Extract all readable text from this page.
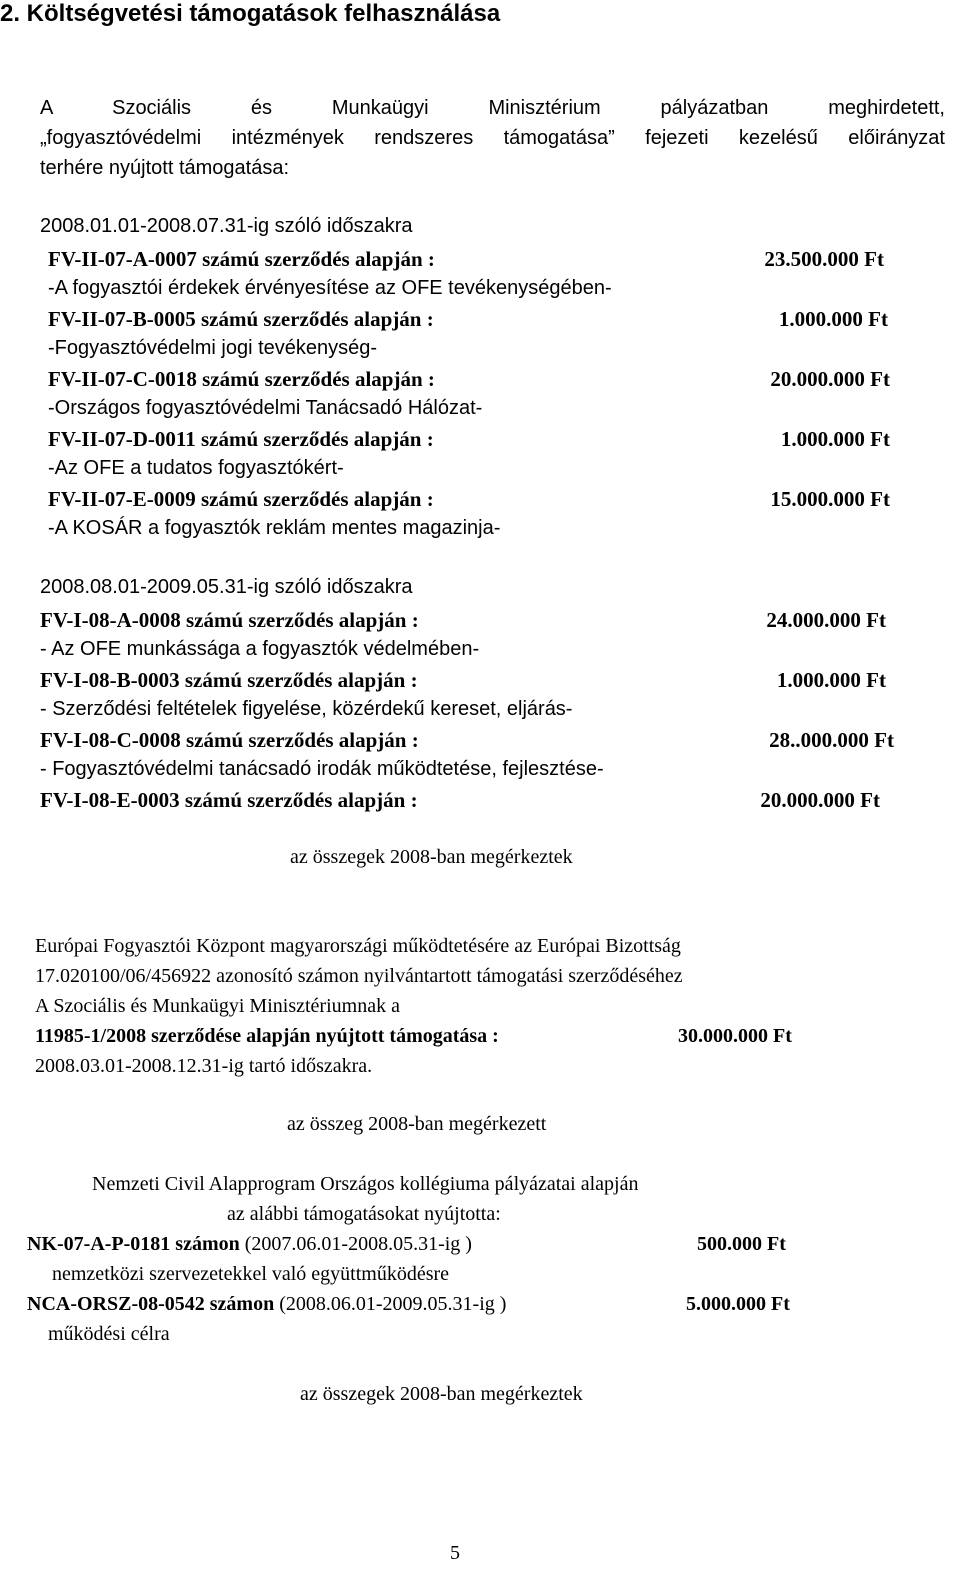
2. Költségvetési támogatások felhasználása
A Szociális és Munkaügyi Minisztérium pályázatban meghirdetett,
„fogyasztóvédelmi intézmények rendszeres támogatása” fejezeti kezelésű előirányzat
terhére nyújtott támogatása:
2008.01.01-2008.07.31-ig szóló időszakra
FV-II-07-A-0007 számú szerződés alapján :	23.500.000 Ft
-A fogyasztói érdekek érvényesítése az OFE tevékenységében-
FV-II-07-B-0005 számú szerződés alapján :	1.000.000 Ft
-Fogyasztóvédelmi jogi tevékenység-
FV-II-07-C-0018 számú szerződés alapján :	20.000.000 Ft
-Országos fogyasztóvédelmi Tanácsadó Hálózat-
FV-II-07-D-0011 számú szerződés alapján :	1.000.000 Ft
-Az OFE a tudatos fogyasztókért-
FV-II-07-E-0009 számú szerződés alapján :	15.000.000 Ft
-A KOSÁR a fogyasztók reklám mentes magazinja-
2008.08.01-2009.05.31-ig szóló időszakra
FV-I-08-A-0008 számú szerződés alapján :	24.000.000 Ft
- Az OFE munkássága a fogyasztók védelmében-
FV-I-08-B-0003 számú szerződés alapján :	1.000.000 Ft
- Szerződési feltételek figyelése, közérdekű kereset, eljárás-
FV-I-08-C-0008 számú szerződés alapján :	28..000.000 Ft
- Fogyasztóvédelmi tanácsadó irodák működtetése, fejlesztése-
FV-I-08-E-0003 számú szerződés alapján :	20.000.000 Ft
az összegek 2008-ban megérkeztek
Európai Fogyasztói Központ magyarországi működtetésére az Európai Bizottság
17.020100/06/456922 azonosító számon nyilvántartott támogatási szerződéséhez
A Szociális és Munkaügyi Minisztériumnak a
11985-1/2008 szerződése alapján nyújtott támogatása :	30.000.000 Ft
2008.03.01-2008.12.31-ig tartó időszakra.
az összeg 2008-ban megérkezett
Nemzeti Civil Alapprogram Országos kollégiuma pályázatai alapján
az alábbi támogatásokat nyújtotta:
NK-07-A-P-0181 számon (2007.06.01-2008.05.31-ig )	500.000 Ft
nemzetközi szervezetekkel való együttműködésre
NCA-ORSZ-08-0542 számon (2008.06.01-2009.05.31-ig )	5.000.000 Ft
működési célra
az összegek 2008-ban megérkeztek
5
